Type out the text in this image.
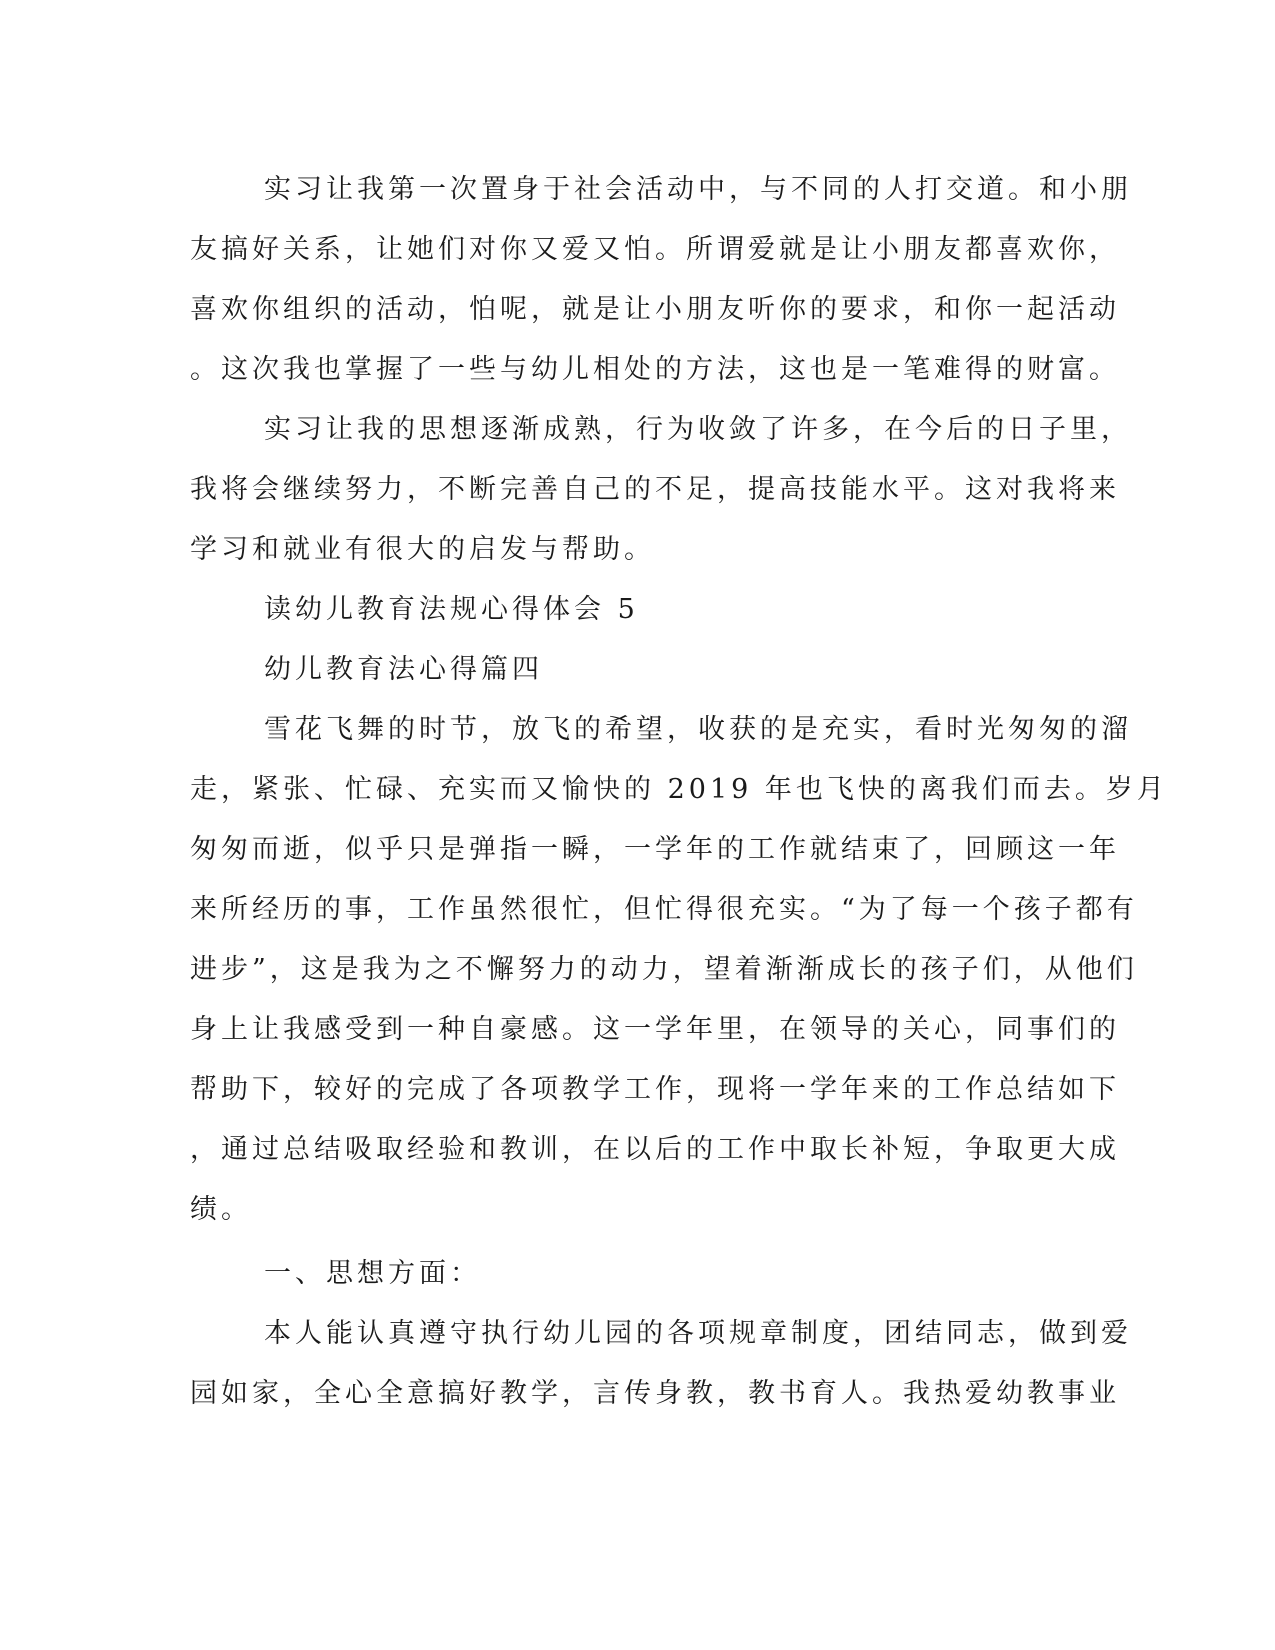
实习让我第一次置身于社会活动中，与不同的人打交道。和小朋
友搞好关系，让她们对你又爱又怕。所谓爱就是让小朋友都喜欢你，
喜欢你组织的活动，怕呢，就是让小朋友听你的要求，和你一起活动
。这次我也掌握了一些与幼儿相处的方法，这也是一笔难得的财富。

实习让我的思想逐渐成熟，行为收敛了许多，在今后的日子里，
我将会继续努力，不断完善自己的不足，提高技能水平。这对我将来
学习和就业有很大的启发与帮助。

读幼儿教育法规心得体会 5

幼儿教育法心得篇四

雪花飞舞的时节，放飞的希望，收获的是充实，看时光匆匆的溜
走，紧张、忙碌、充实而又愉快的 2019 年也飞快的离我们而去。岁月
匆匆而逝，似乎只是弹指一瞬，一学年的工作就结束了，回顾这一年
来所经历的事，工作虽然很忙，但忙得很充实。“为了每一个孩子都有
进步”，这是我为之不懈努力的动力，望着渐渐成长的孩子们，从他们
身上让我感受到一种自豪感。这一学年里，在领导的关心，同事们的
帮助下，较好的完成了各项教学工作，现将一学年来的工作总结如下
，通过总结吸取经验和教训，在以后的工作中取长补短，争取更大成
绩。

一、思想方面：

本人能认真遵守执行幼儿园的各项规章制度，团结同志，做到爱
园如家，全心全意搞好教学，言传身教，教书育人。我热爱幼教事业
